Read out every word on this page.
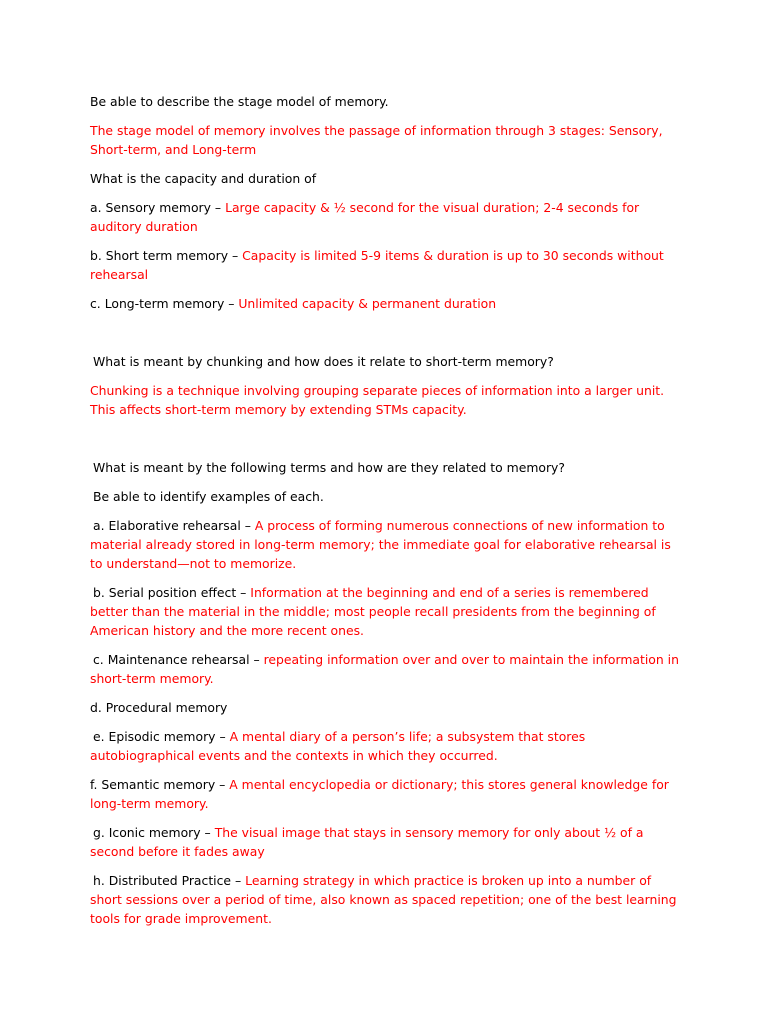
Be able to describe the stage model of memory.

The stage model of memory involves the passage of information through 3 stages: Sensory, Short-term, and Long-term

What is the capacity and duration of

a. Sensory memory – Large capacity & ½ second for the visual duration; 2-4 seconds for auditory duration

b. Short term memory – Capacity is limited 5-9 items & duration is up to 30 seconds without rehearsal

c. Long-term memory – Unlimited capacity & permanent duration

What is meant by chunking and how does it relate to short-term memory?

Chunking is a technique involving grouping separate pieces of information into a larger unit. This affects short-term memory by extending STMs capacity.

What is meant by the following terms and how are they related to memory?

Be able to identify examples of each.

a. Elaborative rehearsal – A process of forming numerous connections of new information to material already stored in long-term memory; the immediate goal for elaborative rehearsal is to understand—not to memorize.

b. Serial position effect – Information at the beginning and end of a series is remembered better than the material in the middle; most people recall presidents from the beginning of American history and the more recent ones.

c. Maintenance rehearsal – repeating information over and over to maintain the information in short-term memory.

d. Procedural memory

e. Episodic memory – A mental diary of a person’s life; a subsystem that stores autobiographical events and the contexts in which they occurred.

f. Semantic memory – A mental encyclopedia or dictionary; this stores general knowledge for long-term memory.

g. Iconic memory – The visual image that stays in sensory memory for only about ½ of a second before it fades away

h. Distributed Practice – Learning strategy in which practice is broken up into a number of short sessions over a period of time, also known as spaced repetition; one of the best learning tools for grade improvement.
